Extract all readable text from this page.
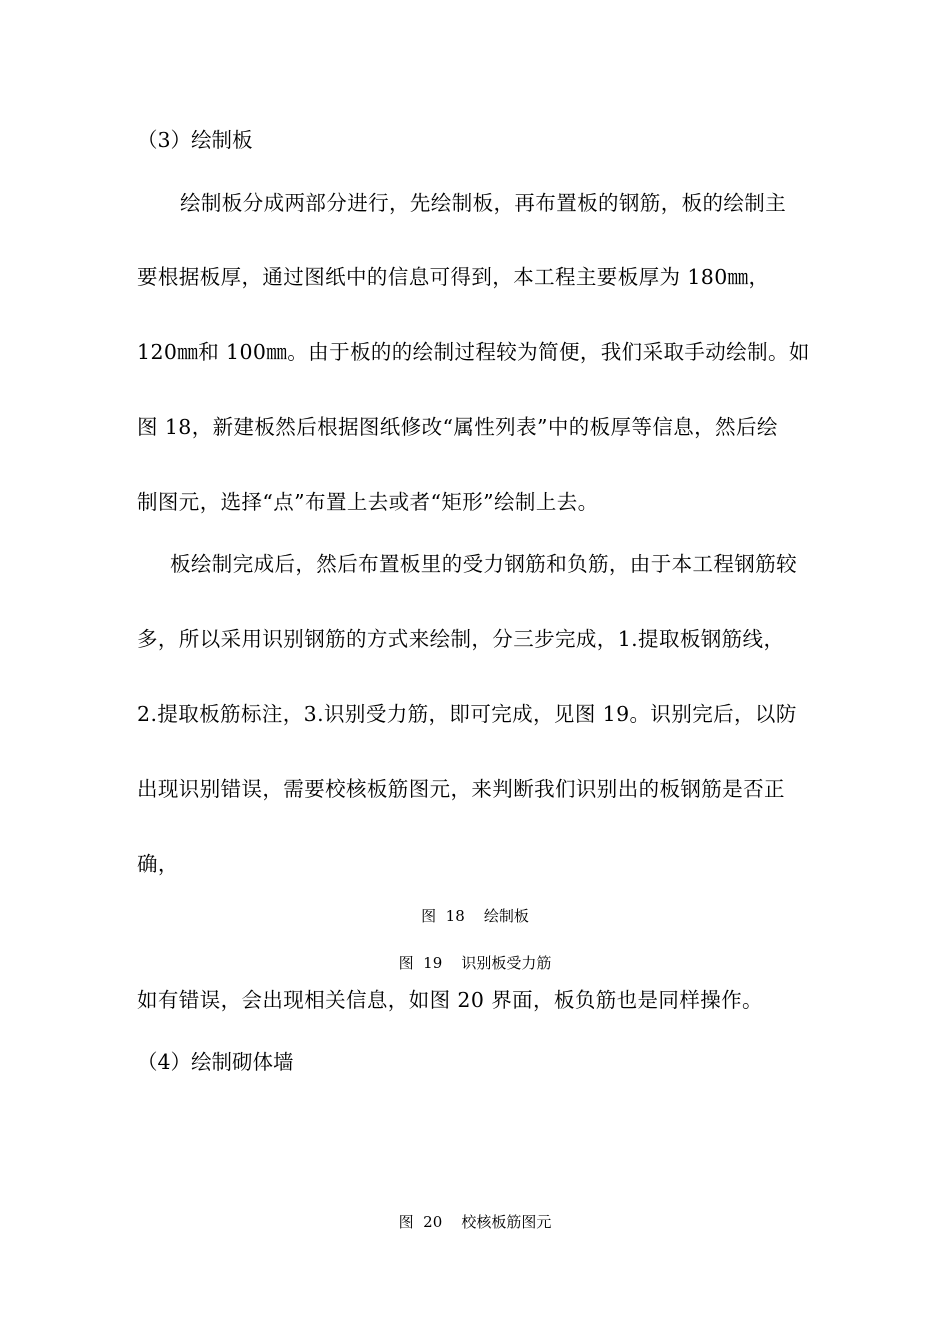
（3）绘制板
绘制板分成两部分进行，先绘制板，再布置板的钢筋，板的绘制主
要根据板厚，通过图纸中的信息可得到，本工程主要板厚为 180㎜，
120㎜和 100㎜。由于板的的绘制过程较为简便，我们采取手动绘制。如
图 18，新建板然后根据图纸修改“属性列表”中的板厚等信息，然后绘
制图元，选择“点”布置上去或者“矩形”绘制上去。
板绘制完成后，然后布置板里的受力钢筋和负筋，由于本工程钢筋较
多，所以采用识别钢筋的方式来绘制，分三步完成，1.提取板钢筋线，
2.提取板筋标注，3.识别受力筋，即可完成，见图 19。识别完后，以防
出现识别错误，需要校核板筋图元，来判断我们识别出的板钢筋是否正
确，
图  18    绘制板
图  19    识别板受力筋
如有错误，会出现相关信息，如图 20 界面，板负筋也是同样操作。
（4）绘制砌体墙
图  20    校核板筋图元
